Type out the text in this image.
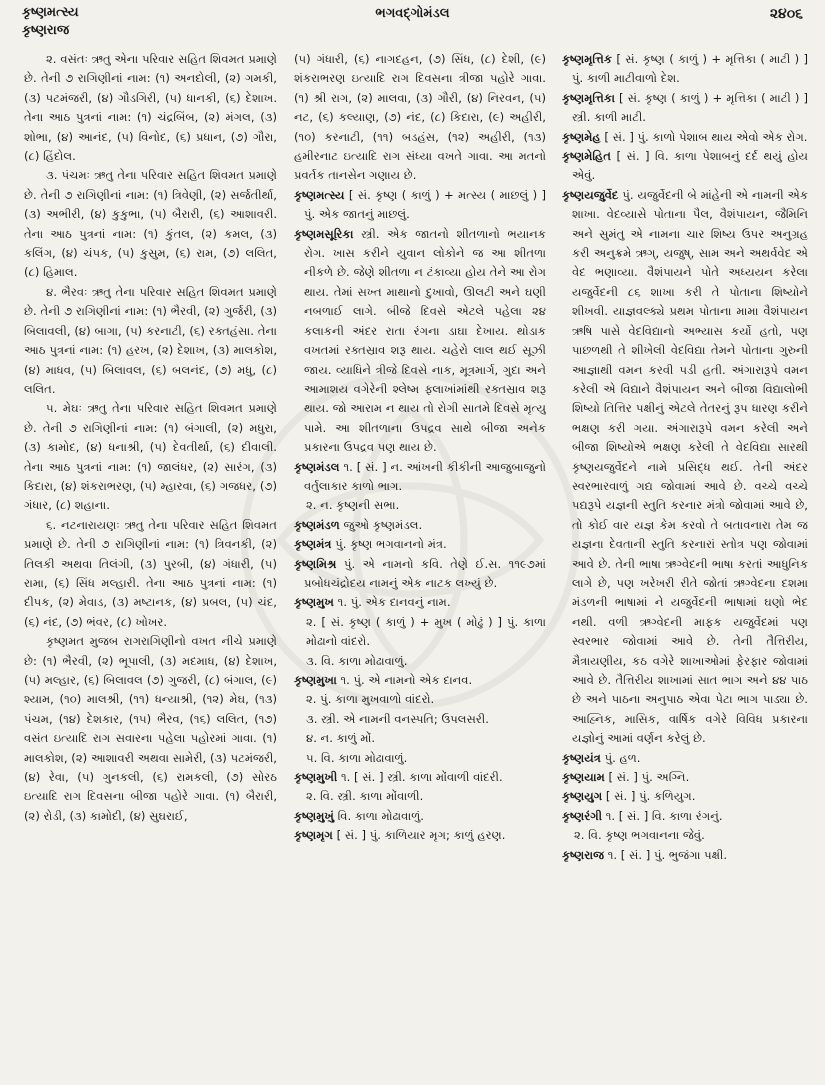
કૃષ્ણમત્સ્ય
કૃષ્ણરાજ
ભગવદ્ગોમંડલ	૨૪૦૬

૨. વસંતઃ ઋતુ એના પરિવાર સહિત શિવમત પ્રમાણે છે. તેની ૭ રાગિણીનાં નામ: (૧) અનદોલી, (૨) ગમકી, (૩) પટમંજરી, (૪) ગૌડગિરી, (૫) ધાનકી, (૬) દેશાખ. તેના આઠ પુત્રનાં નામ: (૧) ચંદ્રબિંબ, (૨) મંગલ, (૩) શોભા, (૪) આનંદ, (૫) વિનોદ, (૬) પ્રધાન, (૭) ગૌરા, (૮) હિંદોલ.

૩. પંચમઃ ઋતુ તેના પરિવાર સહિત શિવમત પ્રમાણે છે. તેની ૭ રાગિણીનાં નામ: (૧) ત્રિવેણી, (૨) સર્જતીર્થા, (૩) અભીરી, (૪) કુકુભા, (૫) બૈરારી, (૬) આશાવરી. તેના આઠ પુત્રનાં નામ: (૧) કુંતલ, (૨) કમલ, (૩) કલિંગ, (૪) ચંપક, (૫) કુસુમ, (૬) રામ, (૭) લલિત, (૮) હિમાલ.

૪. ભૈરવઃ ઋતુ તેના પરિવાર સહિત શિવમત પ્રમાણે છે. તેની ૭ રાગિણીનાં નામ: (૧) ભૈરવી, (૨) ગુર્જરી, (૩) બિલાવલી, (૪) બાગા, (૫) કરનાટી, (૬) રક્તહંસા. તેના આઠ પુત્રનાં નામ: (૧) હરખ, (૨) દેશાખ, (૩) માલકોશ, (૪) માધવ, (૫) બિલાવલ, (૬) બલનંદ, (૭) મધુ, (૮) લલિત.

૫. મેઘઃ ઋતુ તેના પરિવાર સહિત શિવમત પ્રમાણે છે. તેની ૭ રાગિણીનાં નામ: (૧) બંગાલી, (૨) મધુરા, (૩) કામોદ, (૪) ધનાશ્રી, (૫) દેવતીર્થા, (૬) દીવાલી. તેના આઠ પુત્રનાં નામ: (૧) જાલંધર, (૨) સારંગ, (૩) કિદારા, (૪) શંકરાભરણ, (૫) મ્હારવા, (૬) ગજધર, (૭) ગંધાર, (૮) શહાના.

૬. નટનારાયણઃ ઋતુ તેના પરિવાર સહિત શિવમત પ્રમાણે છે. તેની ૭ રાગિણીનાં નામ: (૧) ત્રિવનકી, (૨) તિલકી અથવા તિલંગી, (૩) પુરબી, (૪) ગંધારી, (૫) રામા, (૬) સિંધ મલ્હારી. તેના આઠ પુત્રનાં નામ: (૧) દીપક, (૨) મેવાડ, (૩) મષ્ટાનક, (૪) પ્રબલ, (૫) ચંદ, (૬) નંદ, (૭) ભંવર, (૮) ખોખર.

કૃષ્ણમત મુજબ રાગરાગિણીનો વખત નીચે પ્રમાણે છે: (૧) ભૈરવી, (૨) ભૂપાલી, (૩) મદમાધ, (૪) દેશાખ, (૫) મલ્હાર, (૬) બિલાવલ (૭) ગુજરી, (૮) બંગાલ, (૯) શ્યામ, (૧૦) માલશ્રી, (૧૧) ધન્યાશ્રી, (૧૨) મેઘ, (૧૩) પંચમ, (૧૪) દેશકાર, (૧૫) ભૈરવ, (૧૬) લલિત, (૧૭) વસંત ઇત્યાદિ રાગ સવારના પહેલા પહોરમાં ગાવા. (૧) માલકોશ, (૨) આશાવરી અથવા સામેરી, (૩) પટમંજરી, (૪) રેવા, (૫) ગુનકલી, (૬) રામકલી, (૭) સોરઠ ઇત્યાદિ રાગ દિવસના બીજા પહોરે ગાવા. (૧) બૈરારી, (૨) રોડી, (૩) કામોદી, (૪) સુઘરાઈ,

(૫) ગંધારી, (૬) નાગદહન, (૭) સિંધ, (૮) દેશી, (૯) શંકરાભરણ ઇત્યાદિ રાગ દિવસના ત્રીજા પહોરે ગાવા. (૧) શ્રી રાગ, (૨) માલવા, (૩) ગૌરી, (૪) નિરવન, (૫) નટ, (૬) કલ્યાણ, (૭) નંદ, (૮) કિદારા, (૯) અહીરી, (૧૦) કરનાટી, (૧૧) બડહંસ, (૧૨) અહીરી, (૧૩) હમીરનાટ ઇત્યાદિ રાગ સંધ્યા વખતે ગાવા. આ મતનો પ્રવર્તક તાનસેન ગણાય છે.

કૃષ્ણમત્સ્ય [ સં. કૃષ્ણ ( કાળું ) + મત્સ્ય ( માછલું ) ] પું. એક જાતનું માછલું.

કૃષ્ણમસૂરિકા સ્ત્રી. એક જાતનો શીતળાનો ભયાનક રોગ. ખાસ કરીને યુવાન લોકોને જ આ શીતળા નીકળે છે. જેણે શીતળા ન ટંકાવ્યા હોય તેને આ રોગ થાય. તેમાં સખ્ત માથાનો દુખાવો, ઊલટી અને ઘણી નબળાઈ લાગે. બીજે દિવસે એટલે પહેલા ૨૪ કલાકની અંદર રાતા રંગના ડાઘા દેખાય. થોડાક વખતમાં રક્તસ્રાવ શરૂ થાય. ચહેરો લાલ થઈ સૂઝી જાય. વ્યાધિને ત્રીજે દિવસે નાક, મૂત્રમાર્ગ, ગુદા અને આમાશય વગેરેની શ્લેષ્મ ફ્લાખાંમાંથી રક્તસ્રાવ શરૂ થાય. જો આરામ ન થાય તો રોગી સાતમે દિવસે મૃત્યુ પામે. આ શીતળાના ઉપદ્રવ સાથે બીજા અનેક પ્રકારના ઉપદ્રવ પણ થાય છે.

કૃષ્ણમંડલ ૧. [ સં. ] ન. આંખની કીકીની આજુબાજુનો વર્તુલાકાર કાળો ભાગ.

૨. ન. કૃષ્ણની સભા.

કૃષ્ણમંડળ જુઓ કૃષ્ણમંડલ.

કૃષ્ણમંત્ર પું. કૃષ્ણ ભગવાનનો મંત્ર.

કૃષ્ણમિશ્ર પું. એ નામનો કવિ. તેણે ઈ.સ. ૧૧૯૭માં પ્રબોધચંદ્રોદય નામનું એક નાટક લખ્યું છે.

કૃષ્ણમુખ ૧. પું. એક દાનવનું નામ.

૨. [ સં. કૃષ્ણ ( કાળું ) + મુખ ( મોઢું ) ] પું. કાળા મોઢાનો વાંદરો.

૩. વિ. કાળા મોઢાવાળું.

કૃષ્ણમુખા ૧. પું. એ નામનો એક દાનવ.

૨. પું. કાળા મુખવાળો વાંદરો.

૩. સ્ત્રી. એ નામની વનસ્પતિ; ઉપલસરી.

૪. ન. કાળું મોં.

૫. વિ. કાળા મોઢાવાળું.

કૃષ્ણમુખી ૧. [ સં. ] સ્ત્રી. કાળા મોંવાળી વાંદરી.

૨. વિ. સ્ત્રી. કાળા મોંવાળી.

કૃષ્ણમુખું વિ. કાળા મોઢાવાળું.

કૃષ્ણમૃગ [ સં. ] પું. કાળિયાર મૃગ; કાળું હરણ.

કૃષ્ણમૃત્તિક [ સં. કૃષ્ણ ( કાળું ) + મૃત્તિકા ( માટી ) ] પું. કાળી માટીવાળો દેશ.

કૃષ્ણમૃત્તિકા [ સં. કૃષ્ણ ( કાળું ) + મૃત્તિકા ( માટી ) ] સ્ત્રી. કાળી માટી.

કૃષ્ણમેહ [ સં. ] પું. કાળો પેશાબ થાય એવો એક રોગ.

કૃષ્ણમેહિત [ સં. ] વિ. કાળા પેશાબનું દર્દ થયું હોય એવું.

કૃષ્ણયજુર્વેદ પું. યજુર્વેદની બે માંહેની એ નામની એક શાખા. વેદવ્યાસે પોતાના પૈલ, વૈશંપાયન, જૈમિનિ અને સુમંતુ એ નામના ચાર શિષ્ય ઉપર અનુગ્રહ કરી અનુક્રમે ઋગ્, યજુષ્, સામ અને અથર્વવેદ એ વેદ ભણાવ્યા. વૈશંપાયને પોતે અધ્યયન કરેલા યજુર્વેદની ૮૬ શાખા કરી તે પોતાના શિષ્યોને શીખવી. યાજ્ઞવલ્ક્યે પ્રથમ પોતાના મામા વૈશંપાયન ઋષિ પાસે વેદવિદ્યાનો અભ્યાસ કર્યો હતો, પણ પાછળથી તે શીખેલી વેદવિદ્યા તેમને પોતાના ગુરુની આજ્ઞાથી વમન કરવી પડી હતી. અંગારારૂપે વમન કરેલી એ વિદ્યાને વૈશંપાયન અને બીજા વિદ્યાલોભી શિષ્યો તિત્તિર પક્ષીનું એટલે તેતરનું રૂપ ધારણ કરીને ભક્ષણ કરી ગયા. અંગારારૂપે વમન કરેલી અને બીજા શિષ્યોએ ભક્ષણ કરેલી તે વેદવિદ્યા સારથી કૃષ્ણયજુર્વેદને નામે પ્રસિદ્ધ થઈ. તેની અંદર સ્વરભારવાળું ગદ્ય જોવામાં આવે છે. વચ્ચે વચ્ચે પદ્યરૂપે યજ્ઞની સ્તુતિ કરનાર મંત્રો જોવામાં આવે છે, તો કોઈ વાર યજ્ઞ કેમ કરવો તે બતાવનારા તેમ જ યજ્ઞના દેવતાની સ્તુતિ કરનારાં સ્તોત્ર પણ જોવામાં આવે છે. તેની ભાષા ઋગ્વેદની ભાષા કરતાં આધુનિક લાગે છે, પણ ખરેખરી રીતે જોતાં ઋગ્વેદના દશમા મંડળની ભાષામાં ને યજુર્વેદની ભાષામાં ઘણો ભેદ નથી. વળી ઋગ્વેદની માફક યજુર્વેદમાં પણ સ્વરભાર જોવામાં આવે છે. તેની તૈત્તિરીય, મૈત્રાયણીય, કઠ વગેરે શાખાઓમાં ફેરફાર જોવામાં આવે છે. તૈત્તિરીય શાખામાં સાત ભાગ અને ૪૪ પાઠ છે અને પાઠના અનુપાઠ એવા પેટા ભાગ પાડ્યા છે. આહ્નિક, માસિક, વાર્ષિક વગેરે વિવિધ પ્રકારના યજ્ઞોનું આમાં વર્ણન કરેલું છે.

કૃષ્ણયંત્ર પું. હળ.

કૃષ્ણયામ [ સં. ] પું. અગ્નિ.

કૃષ્ણયુગ [ સં. ] પું. કળિયુગ.

કૃષ્ણરંગી ૧. [ સં. ] વિ. કાળા રંગનું.

૨. વિ. કૃષ્ણ ભગવાનના જેવું.

કૃષ્ણરાજ ૧. [ સં. ] પું. ભુજંગા પક્ષી.
